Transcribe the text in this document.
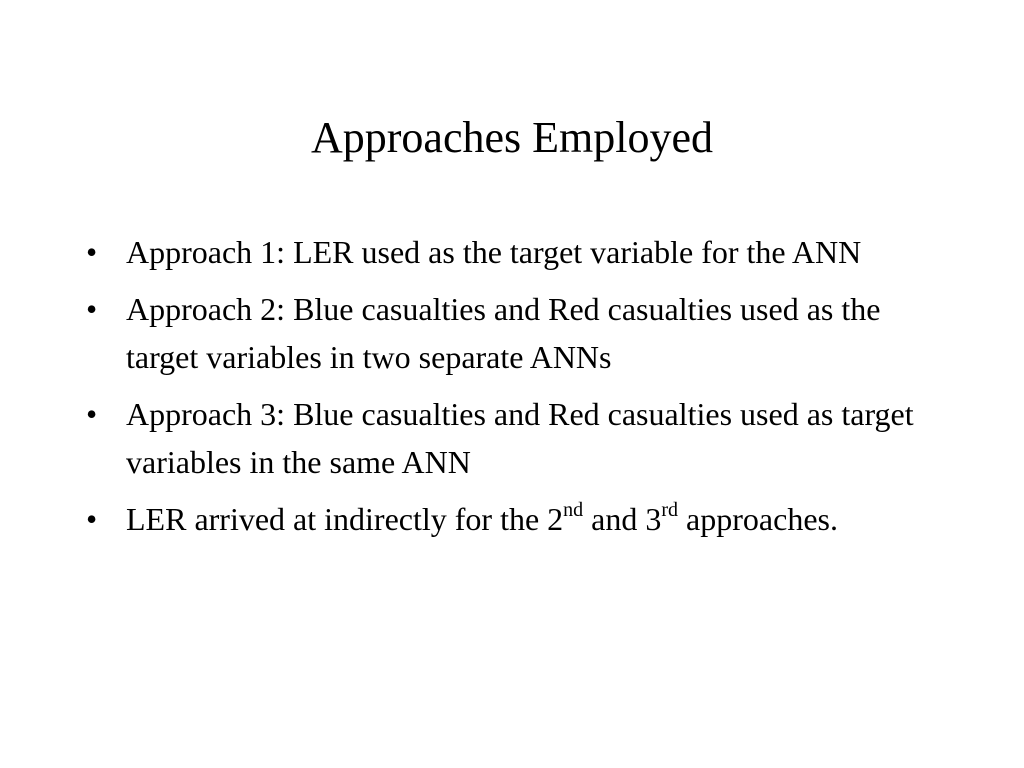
Approaches Employed
• Approach 1: LER used as the target variable for the ANN
• Approach 2: Blue casualties and Red casualties used as the target variables in two separate ANNs
• Approach 3: Blue casualties and Red casualties used as target variables in the same ANN
• LER arrived at indirectly for the 2nd and 3rd approaches.
